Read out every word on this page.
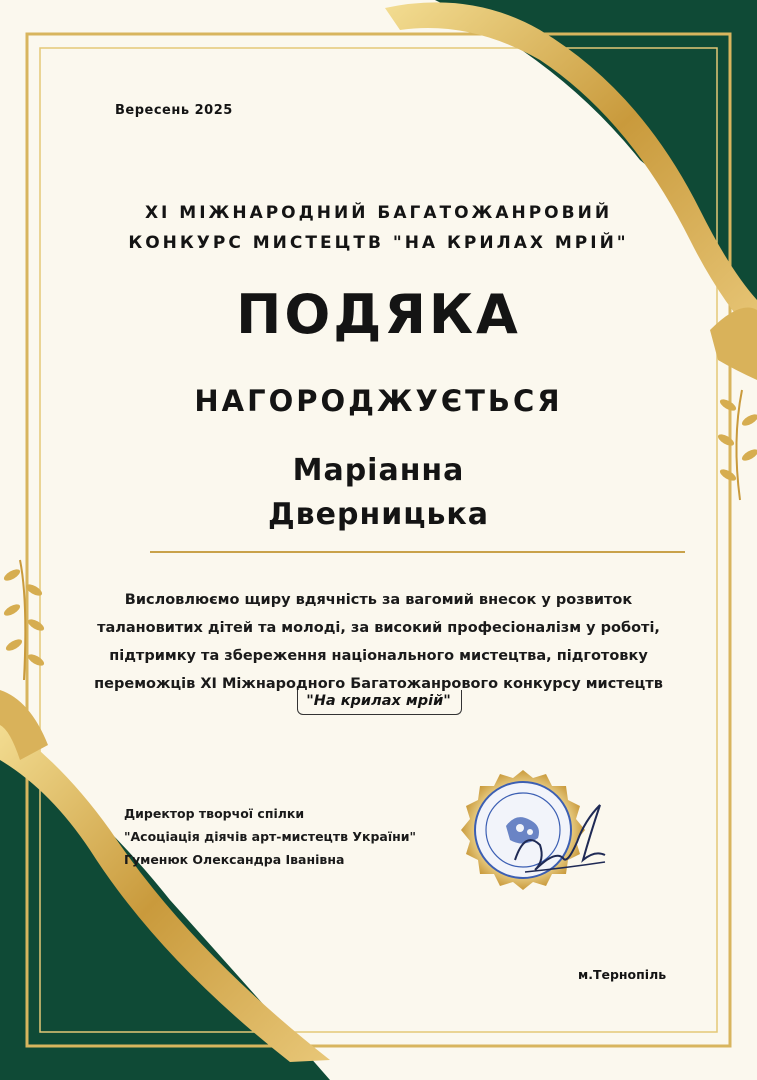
Вересень 2025
XI МІЖНАРОДНИЙ БАГАТОЖАНРОВИЙ
КОНКУРС МИСТЕЦТВ "НА КРИЛАХ МРІЙ"
ПОДЯКА
НАГОРОДЖУЄТЬСЯ
Маріанна
Дверницька
Висловлюємо щиру вдячність за вагомий внесок у розвиток талановитих дітей та молоді, за високий професіоналізм у роботі, підтримку та збереження національного мистецтва, підготовку переможців XI Міжнародного Багатожанрового конкурсу мистецтв
"На крилах мрій"
Директор творчої спілки
"Асоціація діячів арт-мистецтв України"
Гуменюк Олександра Іванівна
м.Тернопіль
